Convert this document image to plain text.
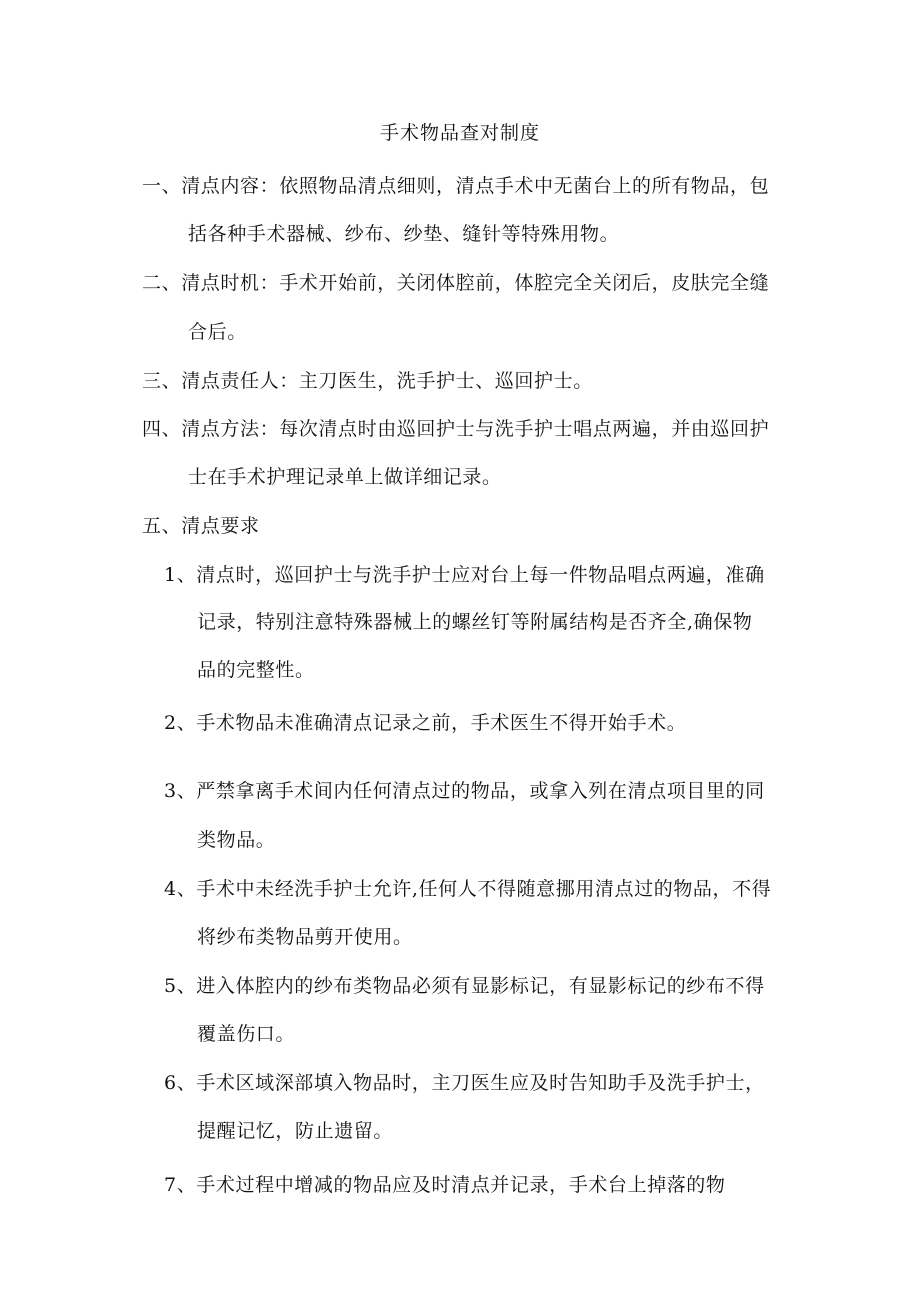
手术物品查对制度
一、清点内容：依照物品清点细则，清点手术中无菌台上的所有物品，包
括各种手术器械、纱布、纱垫、缝针等特殊用物。
二、清点时机：手术开始前，关闭体腔前，体腔完全关闭后，皮肤完全缝
合后。
三、清点责任人：主刀医生，洗手护士、巡回护士。
四、清点方法：每次清点时由巡回护士与洗手护士唱点两遍，并由巡回护
士在手术护理记录单上做详细记录。
五、清点要求
1、清点时，巡回护士与洗手护士应对台上每一件物品唱点两遍，准确
记录，特别注意特殊器械上的螺丝钉等附属结构是否齐全,确保物
品的完整性。
2、手术物品未准确清点记录之前，手术医生不得开始手术。
3、严禁拿离手术间内任何清点过的物品，或拿入列在清点项目里的同
类物品。
4、手术中未经洗手护士允许,任何人不得随意挪用清点过的物品，不得
将纱布类物品剪开使用。
5、进入体腔内的纱布类物品必须有显影标记，有显影标记的纱布不得
覆盖伤口。
6、手术区域深部填入物品时，主刀医生应及时告知助手及洗手护士，
提醒记忆，防止遗留。
7、手术过程中增减的物品应及时清点并记录，手术台上掉落的物
